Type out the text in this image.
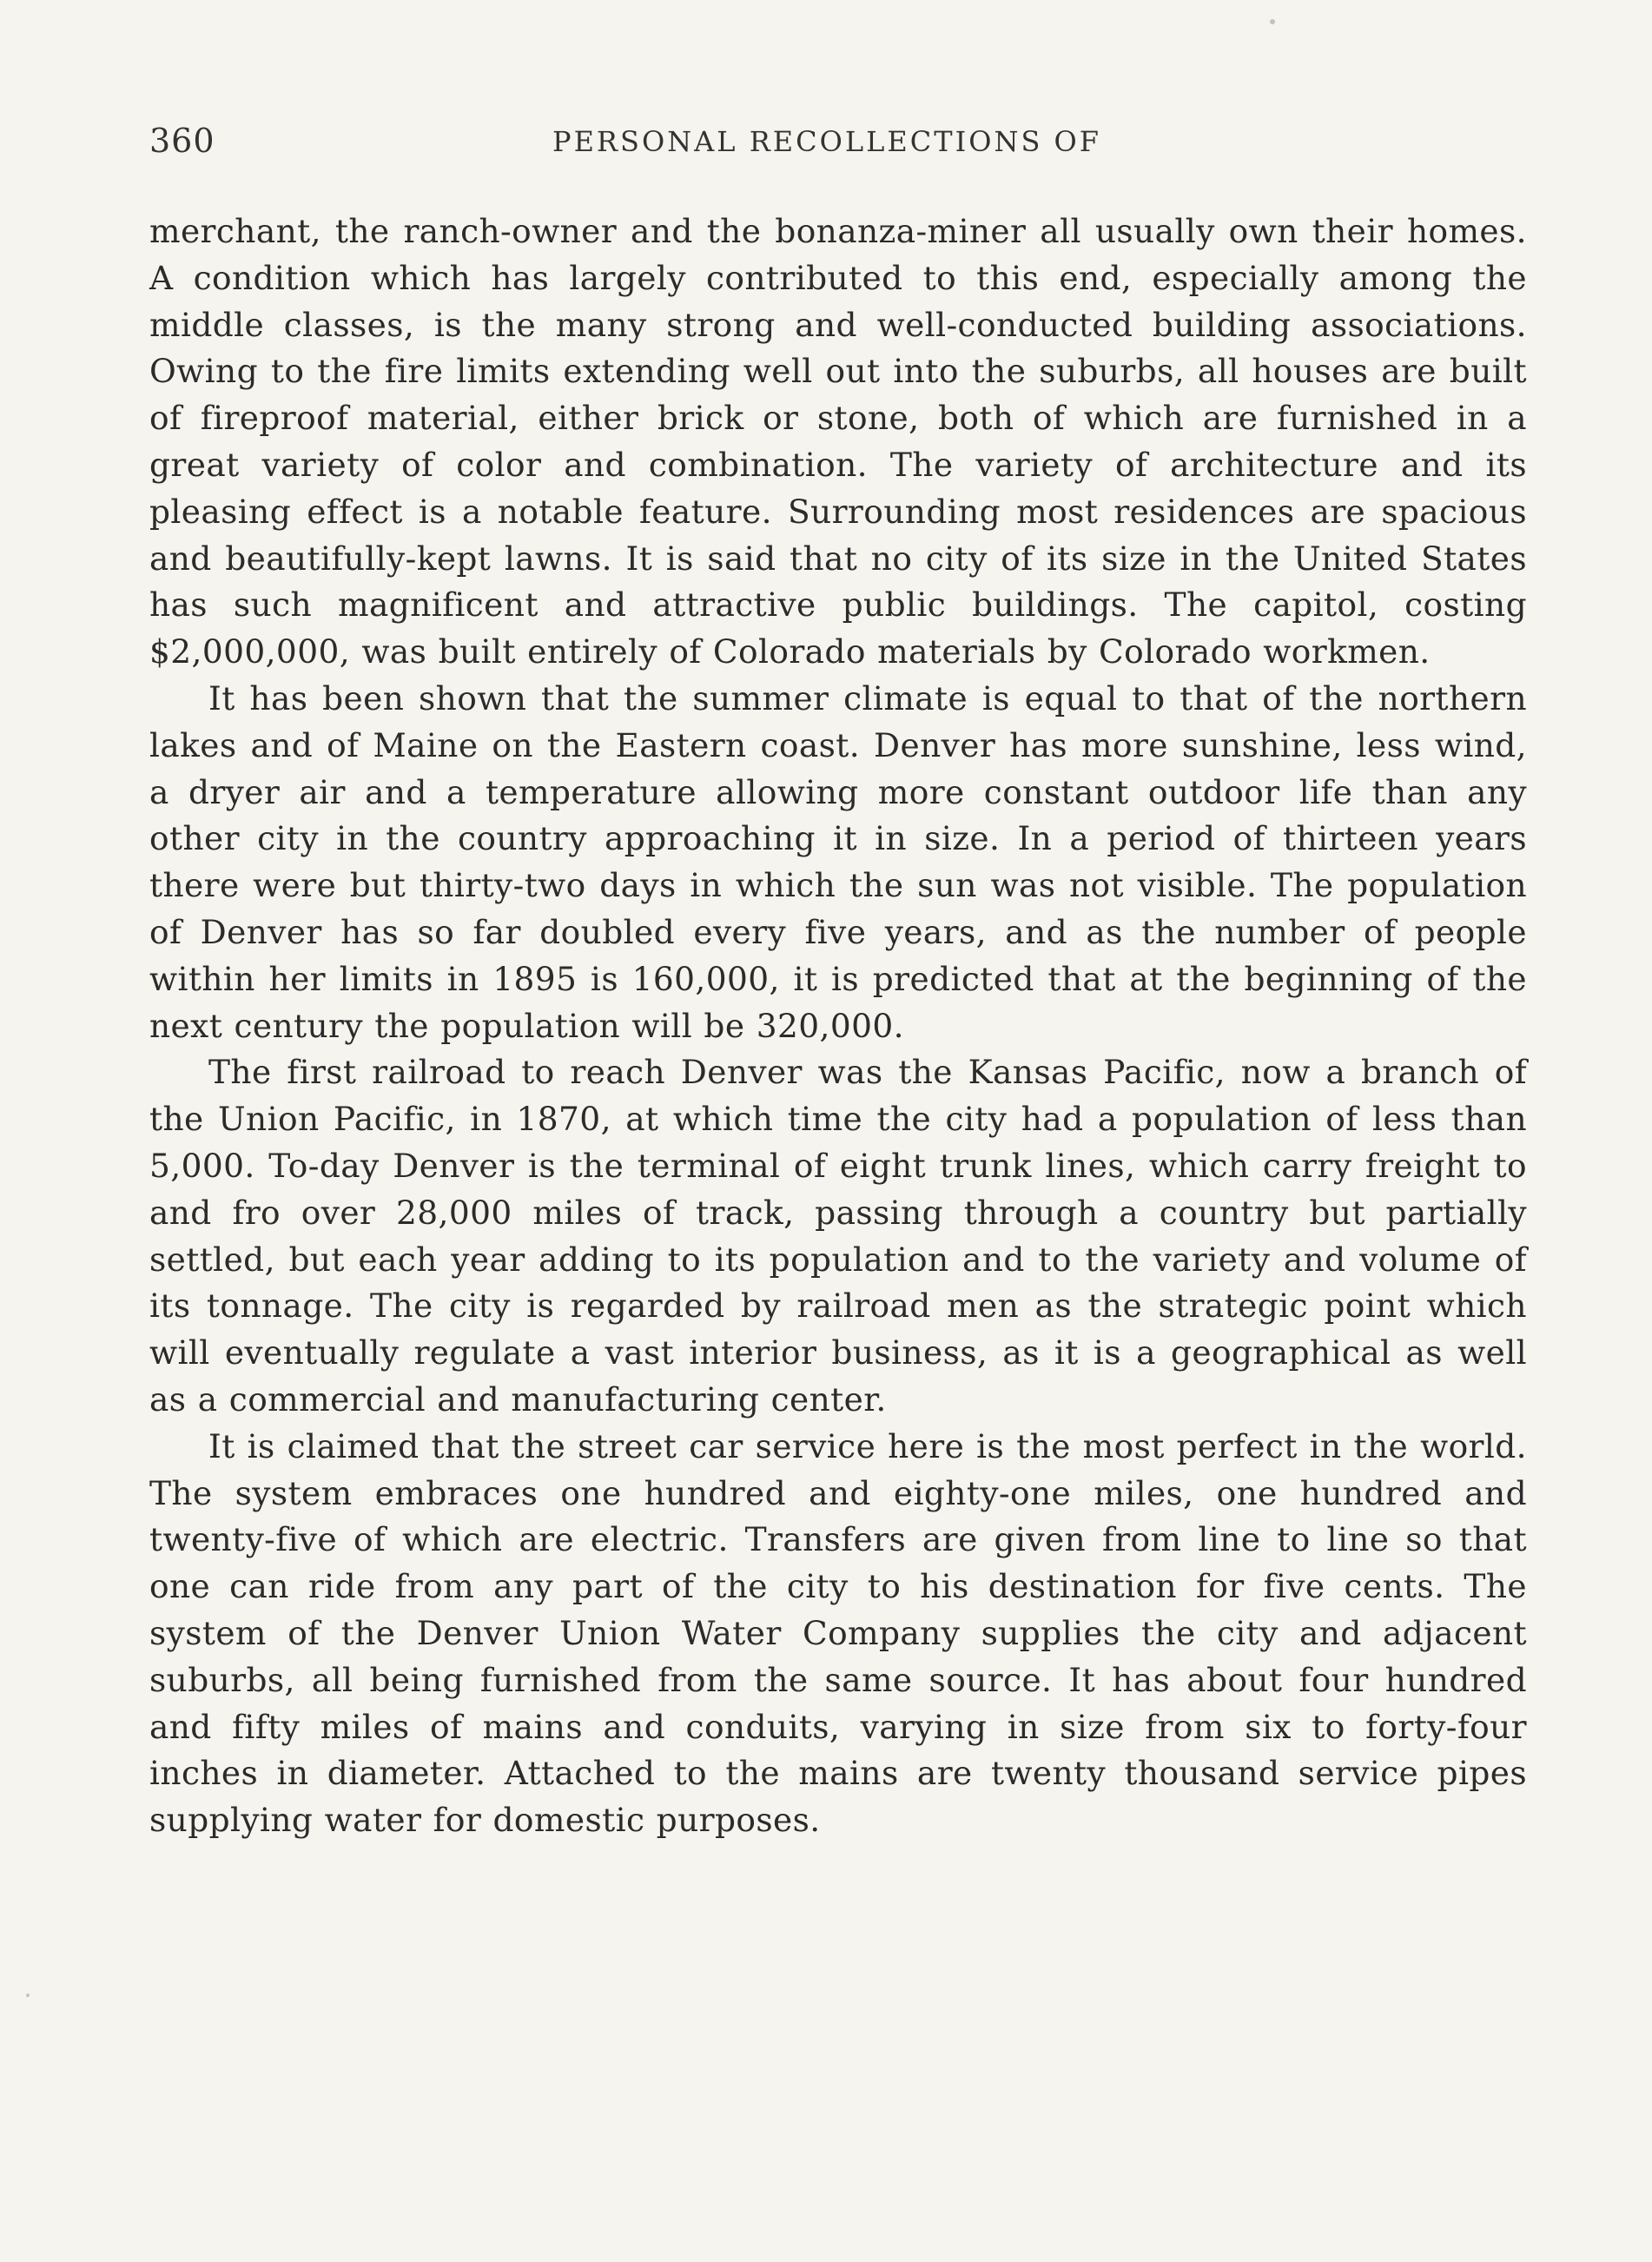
360	PERSONAL RECOLLECTIONS OF

merchant, the ranch-owner and the bonanza-miner all usually own their homes. A condition which has largely contributed to this end, especially among the middle classes, is the many strong and well-conducted building associations. Owing to the fire limits extending well out into the suburbs, all houses are built of fireproof material, either brick or stone, both of which are furnished in a great variety of color and combination. The variety of architecture and its pleasing effect is a notable feature. Surrounding most residences are spacious and beautifully-kept lawns. It is said that no city of its size in the United States has such magnificent and attractive public buildings. The capitol, costing $2,000,000, was built entirely of Colorado materials by Colorado workmen.

It has been shown that the summer climate is equal to that of the northern lakes and of Maine on the Eastern coast. Denver has more sunshine, less wind, a dryer air and a temperature allowing more constant outdoor life than any other city in the country approaching it in size. In a period of thirteen years there were but thirty-two days in which the sun was not visible. The population of Denver has so far doubled every five years, and as the number of people within her limits in 1895 is 160,000, it is predicted that at the beginning of the next century the population will be 320,000.

The first railroad to reach Denver was the Kansas Pacific, now a branch of the Union Pacific, in 1870, at which time the city had a population of less than 5,000. To-day Denver is the terminal of eight trunk lines, which carry freight to and fro over 28,000 miles of track, passing through a country but partially settled, but each year adding to its population and to the variety and volume of its tonnage. The city is regarded by railroad men as the strategic point which will eventually regulate a vast interior business, as it is a geographical as well as a commercial and manufacturing center.

It is claimed that the street car service here is the most perfect in the world. The system embraces one hundred and eighty-one miles, one hundred and twenty-five of which are electric. Transfers are given from line to line so that one can ride from any part of the city to his destination for five cents. The system of the Denver Union Water Company supplies the city and adjacent suburbs, all being furnished from the same source. It has about four hundred and fifty miles of mains and conduits, varying in size from six to forty-four inches in diameter. Attached to the mains are twenty thousand service pipes supplying water for domestic purposes.
